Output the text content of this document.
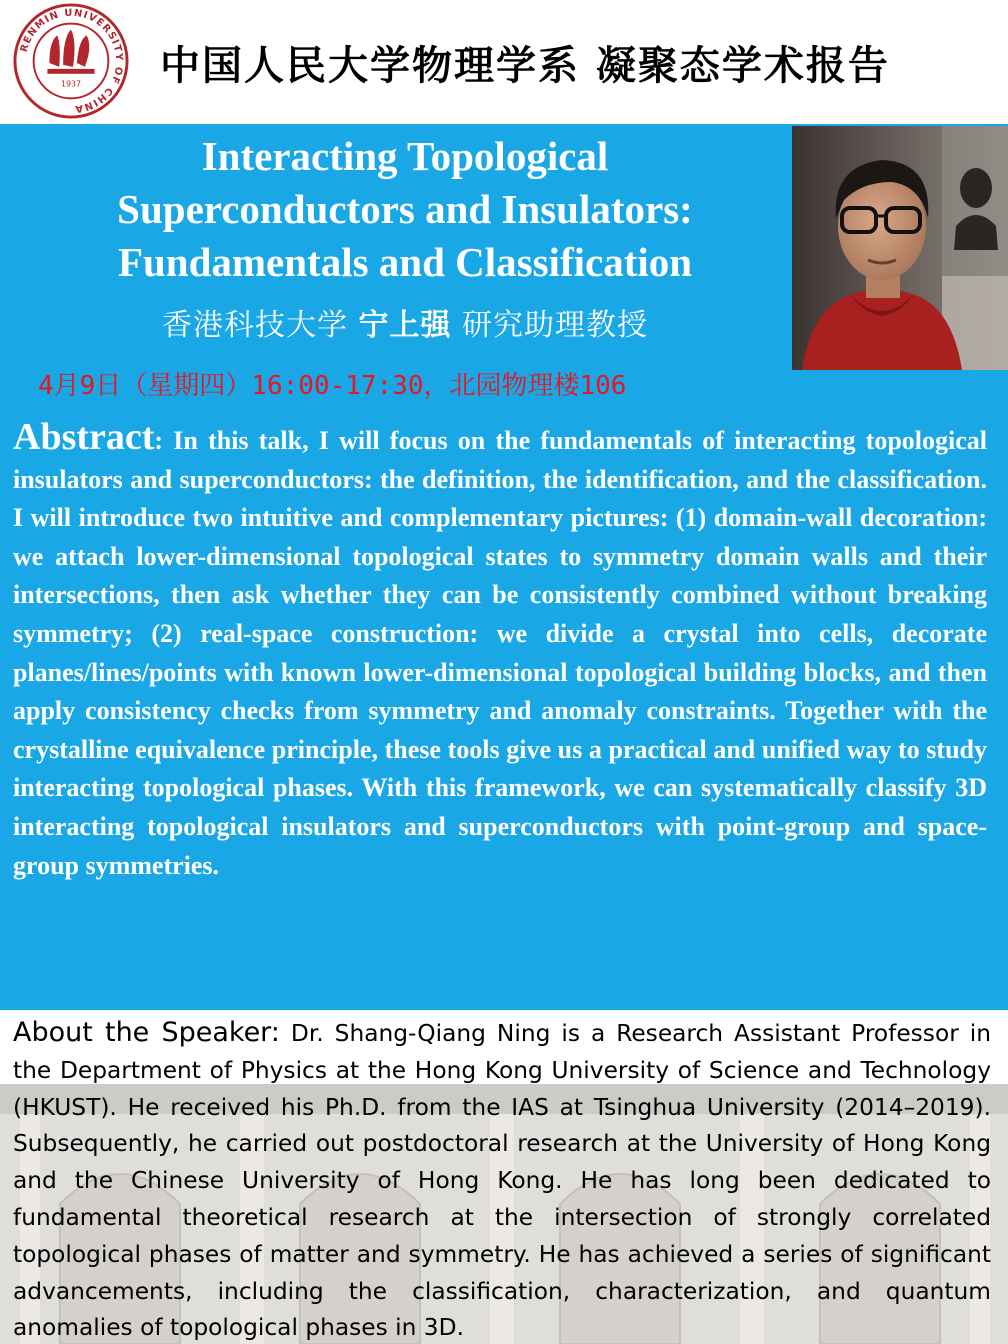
RENMIN UNIVERSITY OF CHINA
1937 中国人民大学物理学系 凝聚态学术报告
Interacting Topological
Superconductors and Insulators:
Fundamentals and Classification
香港科技大学 宁上强 研究助理教授
4月9日（星期四）16:00-17:30，北园物理楼106
Abstract: In this talk, I will focus on the fundamentals of interacting topological insulators and superconductors: the definition, the identification, and the classification. I will introduce two intuitive and complementary pictures: (1) domain-wall decoration: we attach lower-dimensional topological states to symmetry domain walls and their intersections, then ask whether they can be consistently combined without breaking symmetry; (2) real-space construction: we divide a crystal into cells, decorate planes/lines/points with known lower-dimensional topological building blocks, and then apply consistency checks from symmetry and anomaly constraints. Together with the crystalline equivalence principle, these tools give us a practical and unified way to study interacting topological phases. With this framework, we can systematically classify 3D interacting topological insulators and superconductors with point-group and space-group symmetries.
About the Speaker: Dr. Shang-Qiang Ning is a Research Assistant Professor in the Department of Physics at the Hong Kong University of Science and Technology (HKUST). He received his Ph.D. from the IAS at Tsinghua University (2014–2019). Subsequently, he carried out postdoctoral research at the University of Hong Kong and the Chinese University of Hong Kong. He has long been dedicated to fundamental theoretical research at the intersection of strongly correlated topological phases of matter and symmetry. He has achieved a series of significant advancements, including the classification, characterization, and quantum anomalies of topological phases in 3D.
